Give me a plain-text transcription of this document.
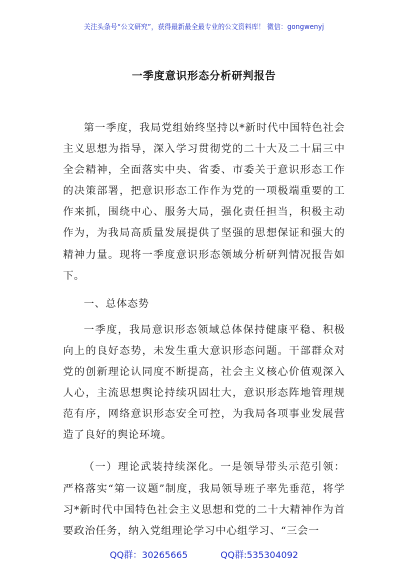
关注头条号“公文研究”，获得最新最全最专业的公文资料库！ 微信：gongwenyj
一季度意识形态分析研判报告

第一季度，我局党组始终坚持以*新时代中国特色社会主义思想为指导，深入学习贯彻党的二十大及二十届三中全会精神，全面落实中央、省委、市委关于意识形态工作的决策部署，把意识形态工作作为党的一项极端重要的工作来抓，围绕中心、服务大局，强化责任担当，积极主动作为，为我局高质量发展提供了坚强的思想保证和强大的精神力量。现将一季度意识形态领域分析研判情况报告如下。

一、总体态势

一季度，我局意识形态领域总体保持健康平稳、积极向上的良好态势，未发生重大意识形态问题。干部群众对党的创新理论认同度不断提高，社会主义核心价值观深入人心，主流思想舆论持续巩固壮大，意识形态阵地管理规范有序，网络意识形态安全可控，为我局各项事业发展营造了良好的舆论环境。

（一）理论武装持续深化。一是领导带头示范引领：严格落实“第一议题”制度，我局领导班子率先垂范，将学习*新时代中国特色社会主义思想和党的二十大精神作为首要政治任务，纳入党组理论学习中心组学习、“三会一

QQ群：30265665	QQ群:535304092
